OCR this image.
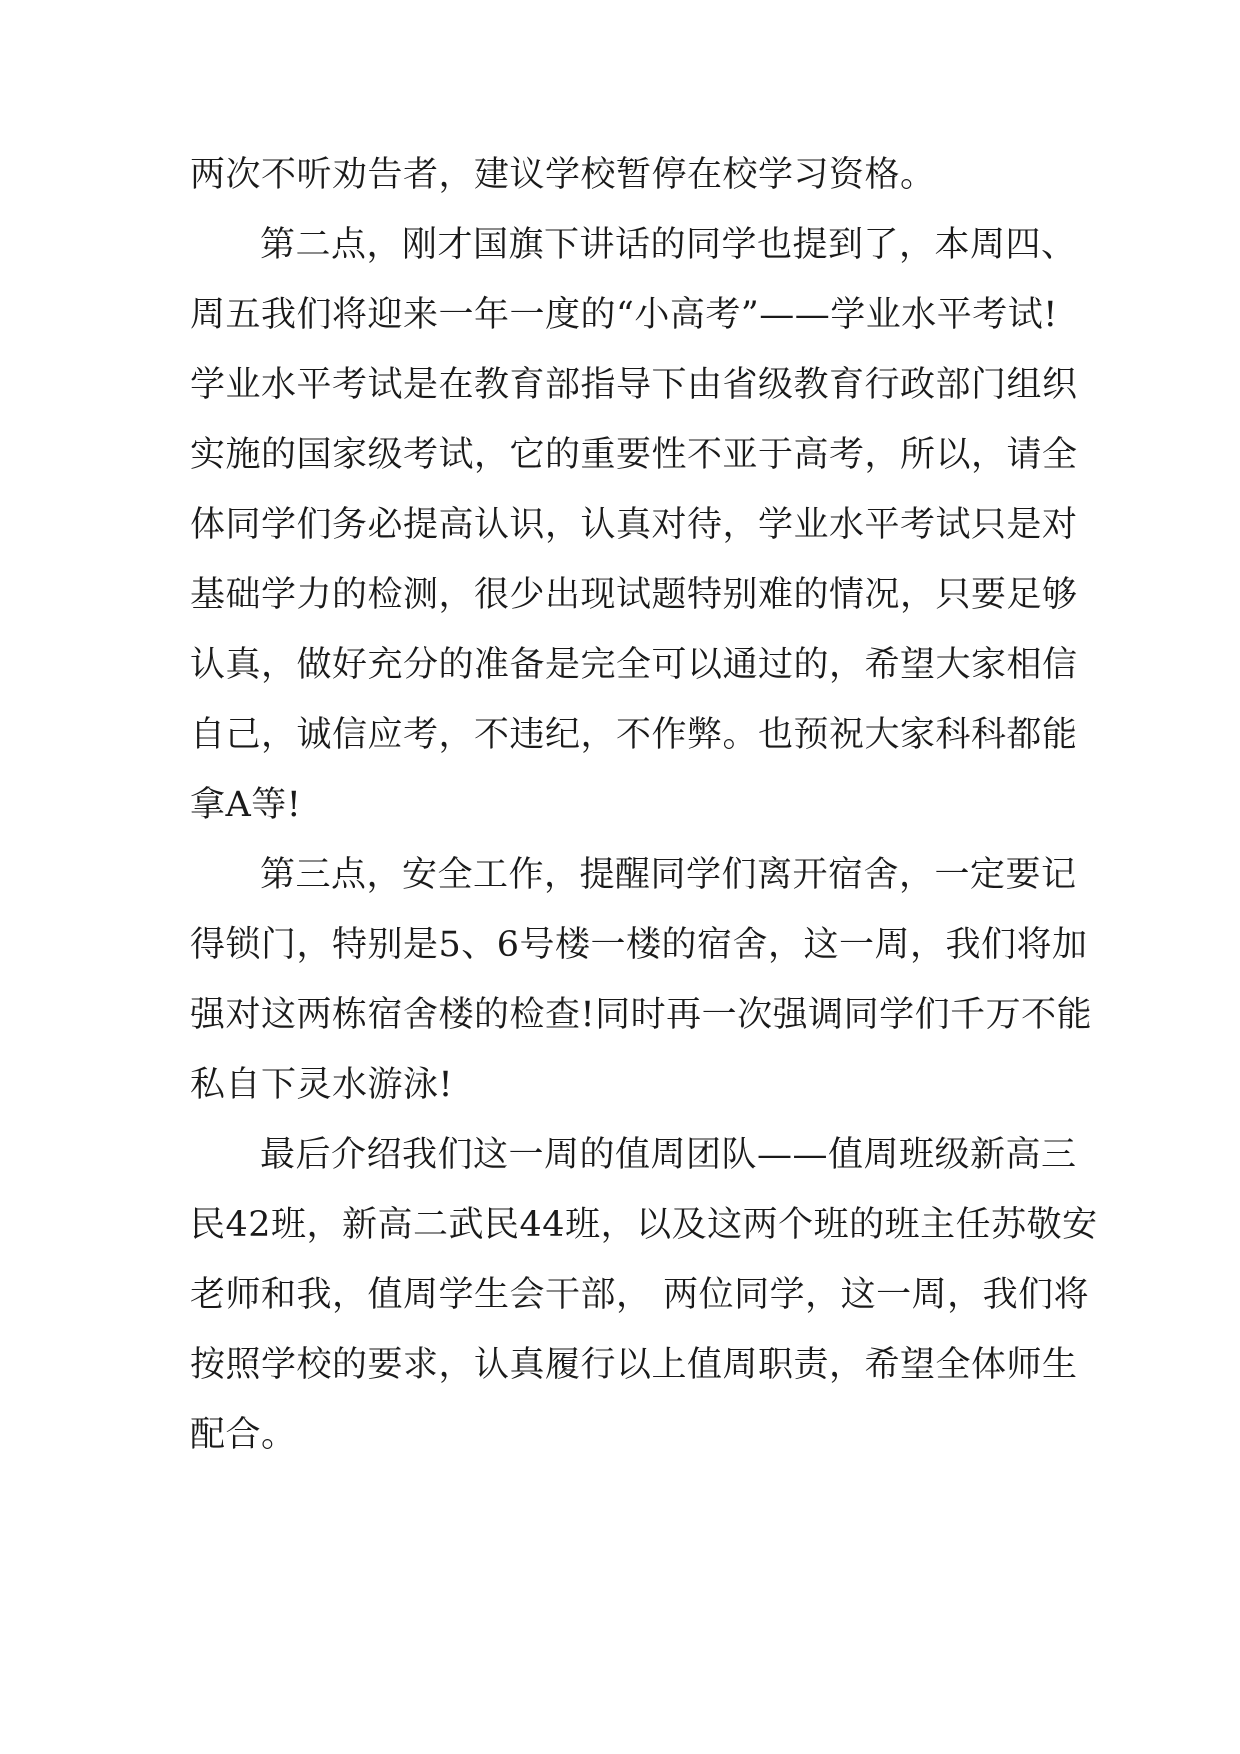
两次不听劝告者，建议学校暂停在校学习资格。
第二点，刚才国旗下讲话的同学也提到了，本周四、
周五我们将迎来一年一度的“小高考”——学业水平考试!
学业水平考试是在教育部指导下由省级教育行政部门组织
实施的国家级考试，它的重要性不亚于高考，所以，请全
体同学们务必提高认识，认真对待，学业水平考试只是对
基础学力的检测，很少出现试题特别难的情况，只要足够
认真，做好充分的准备是完全可以通过的，希望大家相信
自己，诚信应考，不违纪，不作弊。也预祝大家科科都能
拿A等!
第三点，安全工作，提醒同学们离开宿舍，一定要记
得锁门，特别是5、6号楼一楼的宿舍，这一周，我们将加
强对这两栋宿舍楼的检查!同时再一次强调同学们千万不能
私自下灵水游泳!
最后介绍我们这一周的值周团队——值周班级新高三
民42班，新高二武民44班，以及这两个班的班主任苏敬安
老师和我，值周学生会干部， 两位同学，这一周，我们将
按照学校的要求，认真履行以上值周职责，希望全体师生
配合。
